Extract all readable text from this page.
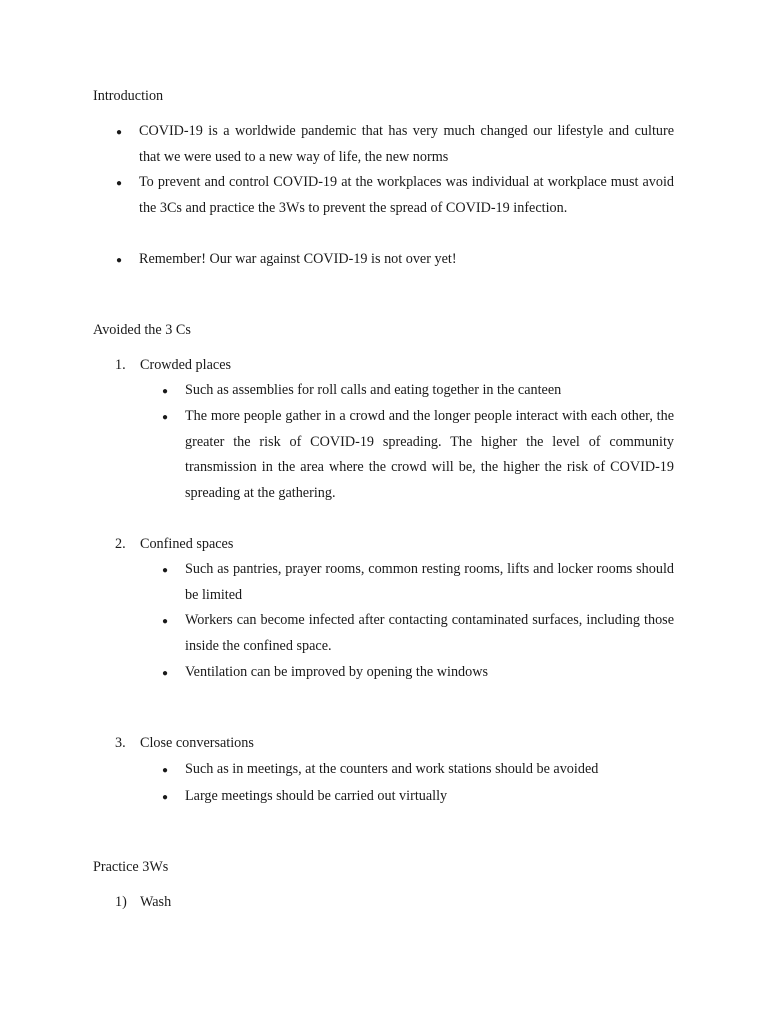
Introduction
● COVID-19 is a worldwide pandemic that has very much changed our lifestyle and culture that we were used to a new way of life, the new norms
● To prevent and control COVID-19 at the workplaces was individual at workplace must avoid the 3Cs and practice the 3Ws to prevent the spread of COVID-19 infection.
● Remember! Our war against COVID-19 is not over yet!
Avoided the 3 Cs
1. Crowded places
● Such as assemblies for roll calls and eating together in the canteen
● The more people gather in a crowd and the longer people interact with each other, the greater the risk of COVID-19 spreading. The higher the level of community transmission in the area where the crowd will be, the higher the risk of COVID-19 spreading at the gathering.
2. Confined spaces
● Such as pantries, prayer rooms, common resting rooms, lifts and locker rooms should be limited
● Workers can become infected after contacting contaminated surfaces, including those inside the confined space.
● Ventilation can be improved by opening the windows
3. Close conversations
● Such as in meetings, at the counters and work stations should be avoided
● Large meetings should be carried out virtually
Practice 3Ws
1) Wash
